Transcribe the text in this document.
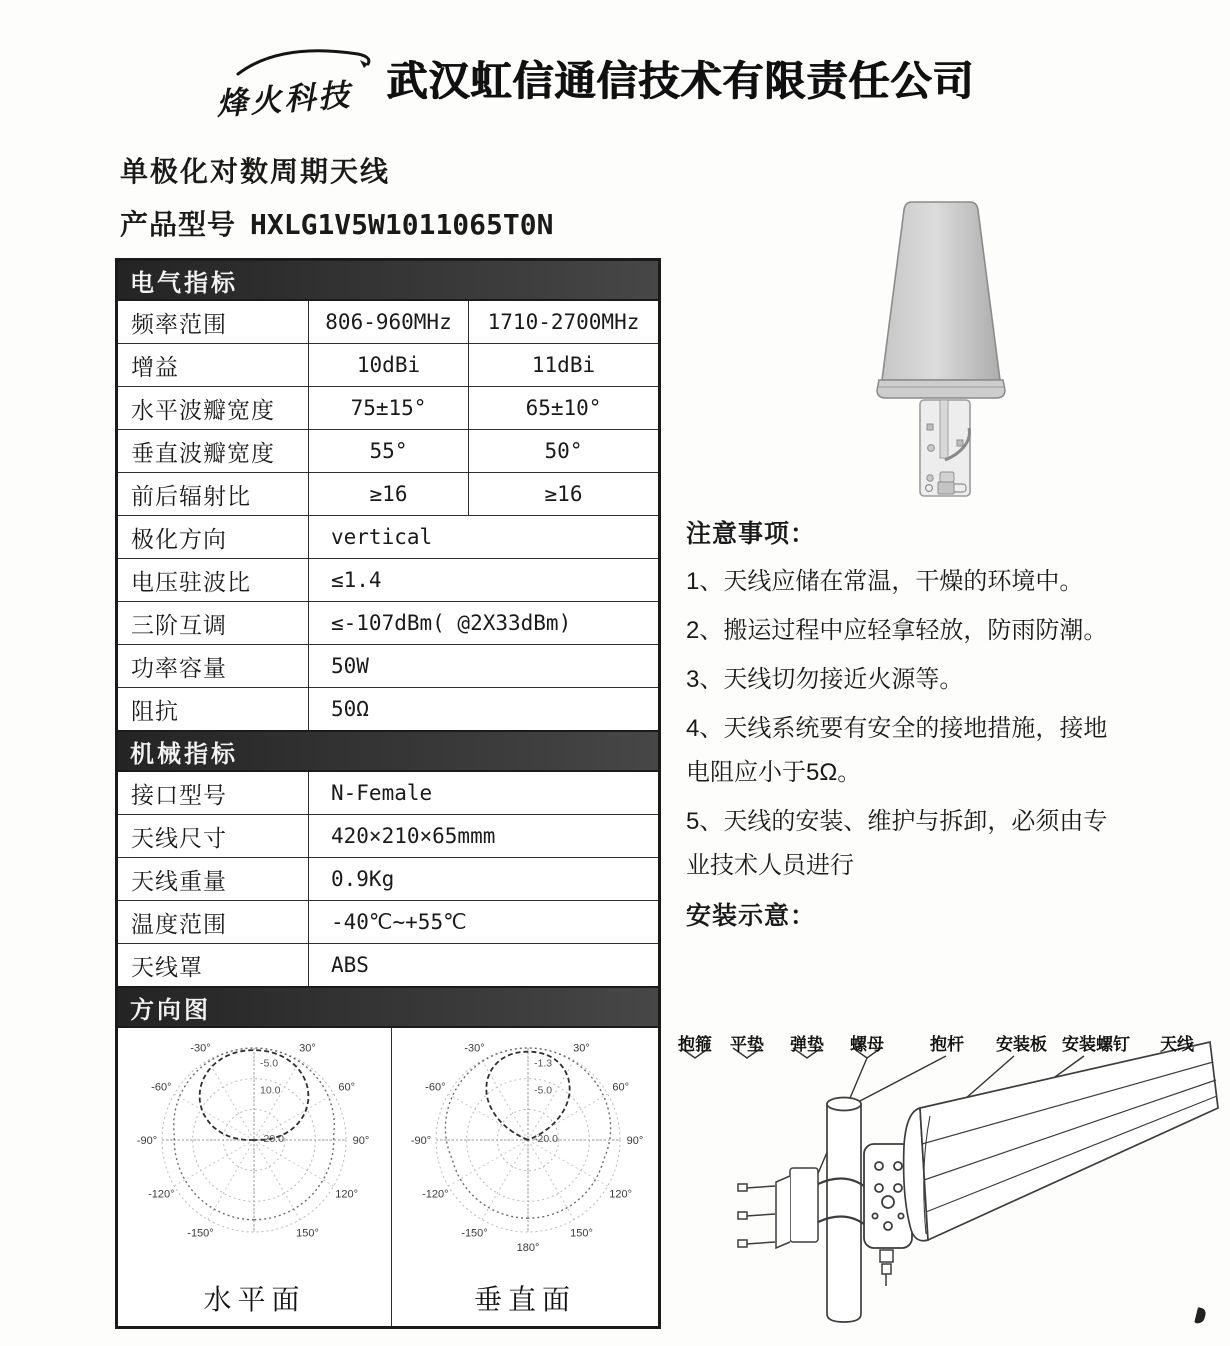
烽火科技 武汉虹信通信技术有限责任公司
单极化对数周期天线
产品型号 HXLG1V5W1011065T0N
电气指标
频率范围	806-960MHz	1710-2700MHz
增益	10dBi	11dBi
水平波瓣宽度	75±15°	65±10°
垂直波瓣宽度	55°	50°
前后辐射比	≥16	≥16
极化方向	vertical
电压驻波比	≤1.4
三阶互调	≤-107dBm( @2X33dBm)
功率容量	50W
阻抗	50Ω
机械指标
接口型号	N-Female
天线尺寸	420×210×65mmm
天线重量	0.9Kg
温度范围	-40℃~+55℃
天线罩	ABS
方向图
-30°	30°
-60°	60°
-90°	90°
-120°	120°
-150°	150°
-5.0
10.0
-20.0
水平面
-30°	30°
-60°	60°
-90°	90°
-120°	120°
-150°	150°
180°
-1.3
-5.0
-20.0
垂直面
注意事项：

1、天线应储在常温，干燥的环境中。

2、搬运过程中应轻拿轻放，防雨防潮。

3、天线切勿接近火源等。

4、天线系统要有安全的接地措施，接地电阻应小于5Ω。

5、天线的安装、维护与拆卸，必须由专业技术人员进行

安装示意：
抱箍 平垫 弹垫 螺母	抱杆 安装板 安装螺钉 天线
